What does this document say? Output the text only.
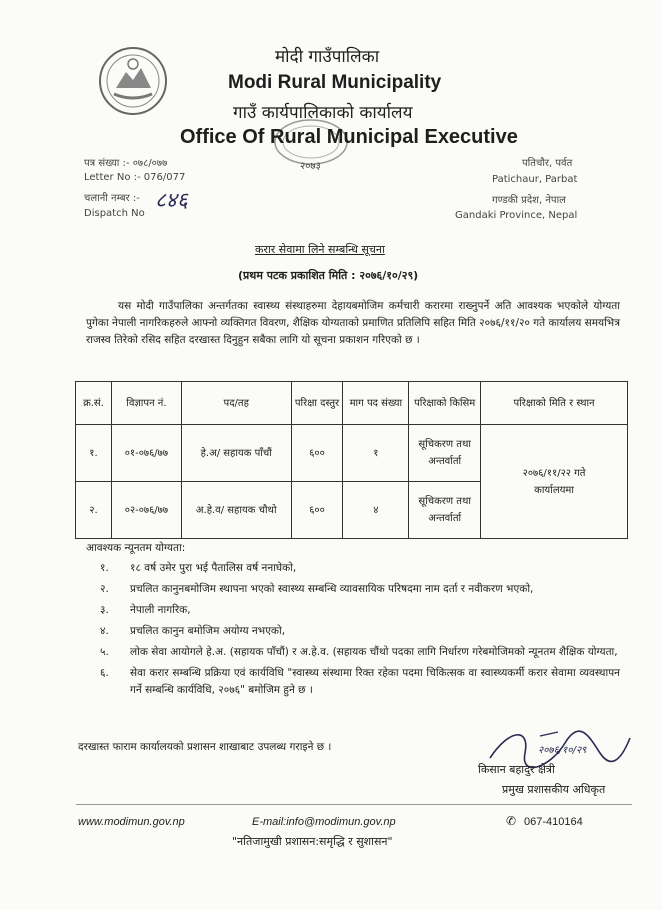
२०७३
मोदी गाउँपालिका
Modi Rural Municipality
गाउँ कार्यपालिकाको कार्यालय
Office Of Rural Municipal Executive
पत्र संख्या :- ०७८/०७७
Letter No :- 076/077
चलानी नम्बर :- ८४६
Dispatch No
पतिचौर, पर्वत
Patichaur, Parbat
गण्डकी प्रदेश, नेपाल
Gandaki Province, Nepal
करार सेवामा लिने सम्बन्धि सूचना
(प्रथम पटक प्रकाशित मिति : २०७६/१०/२९)
यस मोदी गाउँपालिका अन्तर्गतका स्वास्थ्य संस्थाहरुमा देहायबमोजिम कर्मचारी करारमा राख्नुपर्ने अति आवश्यक भएकोले योग्यता पुगेका नेपाली नागरिकहरुले आफ्नो व्यक्तिगत विवरण, शैक्षिक योग्यताको प्रमाणित प्रतिलिपि सहित मिति २०७६/११/२० गते कार्यालय समयभित्र राजस्व तिरेको रसिद सहित दरखास्त दिनुहुन सबैका लागि यो सूचना प्रकाशन गरिएको छ ।
क्र.सं.	विज्ञापन नं.	पद/तह	परिक्षा दस्तुर	माग पद संख्या	परिक्षाको किसिम	परिक्षाको मिति र स्थान
१.	०१-०७६/७७	हे.अ/ सहायक पाँचौं	६००	१	सूचिकरण तथा अन्तर्वार्ता	२०७६/११/२२ गते कार्यालयमा
२.	०२-०७६/७७	अ.हे.व/ सहायक चौथो	६००	४	सूचिकरण तथा अन्तर्वार्ता	
आवश्यक न्यूनतम योग्यता:
१. १८ वर्ष उमेर पुरा भई पैतालिस वर्ष ननाघेको,
२. प्रचलित कानुनबमोजिम स्थापना भएको स्वास्थ्य सम्बन्धि व्यावसायिक परिषदमा नाम दर्ता र नवीकरण भएको,
३. नेपाली नागरिक,
४. प्रचलित कानुन बमोजिम अयोग्य नभएको,
५. लोक सेवा आयोगले हे.अ. (सहायक पाँचौं) र अ.हे.व. (सहायक चौंथो पदका लागि निर्धारण गरेबमोजिमको न्यूनतम शैक्षिक योग्यता,
६. सेवा करार सम्बन्धि प्रक्रिया एवं कार्यविधि "स्वास्थ्य संस्थामा रिक्त रहेका पदमा चिकित्सक वा स्वास्थ्यकर्मी करार सेवामा व्यवस्थापन गर्ने सम्बन्धि कार्यविधि, २०७६" बमोजिम हुने छ ।
दरखास्त फाराम कार्यालयको प्रशासन शाखाबाट उपलब्ध गराइने छ ।	२०७६/१०/२९
किसान बहादुर क्षेत्री
प्रमुख प्रशासकीय अधिकृत
www.modimun.gov.np	E-mail:info@modimun.gov.np	✆ 067-410164
"नतिजामुखी प्रशासन:समृद्धि र सुशासन"
